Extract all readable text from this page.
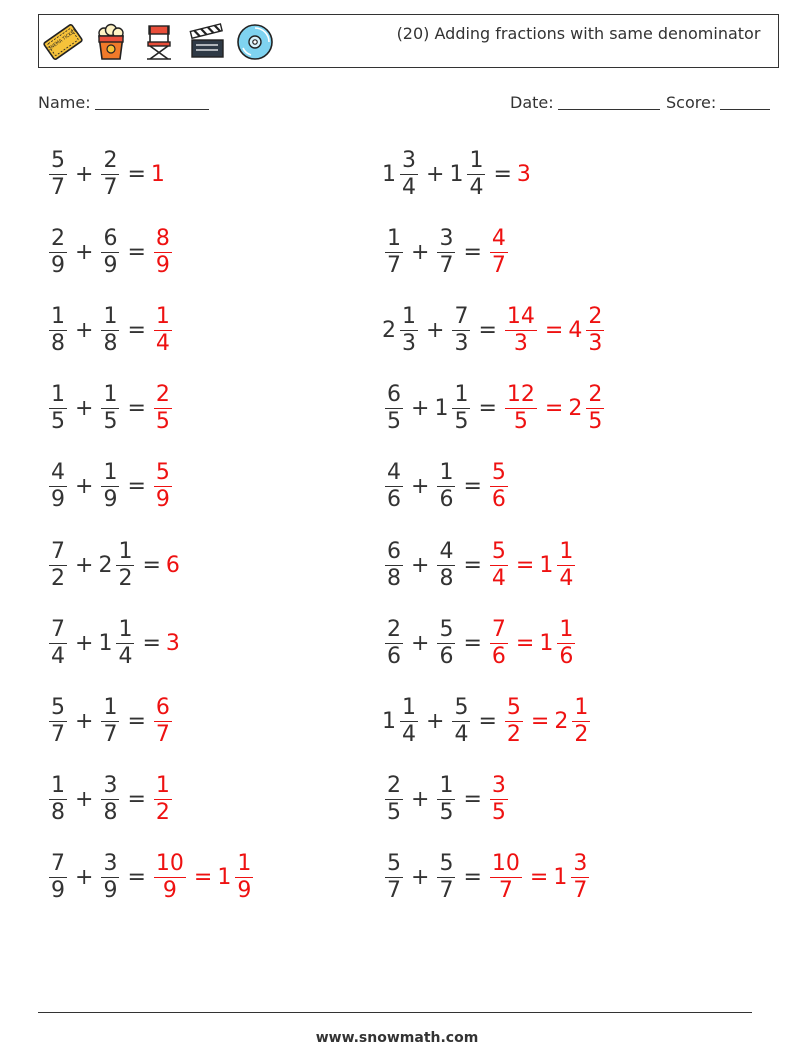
CINEMA TICKET	(20) Adding fractions with same denominator
Name:	Date:	Score:
$\frac{5}{7} + \frac{2}{7} = 1$
$\frac{2}{9} + \frac{6}{9} = \frac{8}{9}$
$\frac{1}{8} + \frac{1}{8} = \frac{1}{4}$
$\frac{1}{5} + \frac{1}{5} = \frac{2}{5}$
$\frac{4}{9} + \frac{1}{9} = \frac{5}{9}$
$\frac{7}{2} + 2 \frac{1}{2} = 6$
$\frac{7}{4} + 1 \frac{1}{4} = 3$
$\frac{5}{7} + \frac{1}{7} = \frac{6}{7}$
$\frac{1}{8} + \frac{3}{8} = \frac{1}{2}$
$\frac{7}{9} + \frac{3}{9} = \frac{10}{9} = 1 \frac{1}{9}$
$1 \frac{3}{4} + 1 \frac{1}{4} = 3$
$\frac{1}{7} + \frac{3}{7} = \frac{4}{7}$
$2 \frac{1}{3} + \frac{7}{3} = \frac{14}{3} = 4 \frac{2}{3}$
$\frac{6}{5} + 1 \frac{1}{5} = \frac{12}{5} = 2 \frac{2}{5}$
$\frac{4}{6} + \frac{1}{6} = \frac{5}{6}$
$\frac{6}{8} + \frac{4}{8} = \frac{5}{4} = 1 \frac{1}{4}$
$\frac{2}{6} + \frac{5}{6} = \frac{7}{6} = 1 \frac{1}{6}$
$1 \frac{1}{4} + \frac{5}{4} = \frac{5}{2} = 2 \frac{1}{2}$
$\frac{2}{5} + \frac{1}{5} = \frac{3}{5}$
$\frac{5}{7} + \frac{5}{7} = \frac{10}{7} = 1 \frac{3}{7}$
www.snowmath.com
